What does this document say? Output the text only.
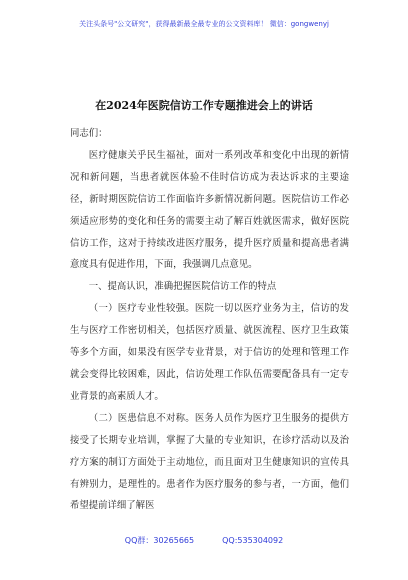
关注头条号"公文研究"，获得最新最全最专业的公文资料库！ 微信：gongwenyj
在2024年医院信访工作专题推进会上的讲话

同志们：

医疗健康关乎民生福祉，面对一系列改革和变化中出现的新情况和新问题，当患者就医体验不佳时信访成为表达诉求的主要途径，新时期医院信访工作面临许多新情况新问题。医院信访工作必须适应形势的变化和任务的需要主动了解百姓就医需求，做好医院信访工作，这对于持续改进医疗服务，提升医疗质量和提高患者满意度具有促进作用，下面，我强调几点意见。

一、提高认识，准确把握医院信访工作的特点

（一）医疗专业性较强。医院一切以医疗业务为主，信访的发生与医疗工作密切相关，包括医疗质量、就医流程、医疗卫生政策等多个方面，如果没有医学专业背景，对于信访的处理和管理工作就会变得比较困难，因此，信访处理工作队伍需要配备具有一定专业背景的高素质人才。

（二）医患信息不对称。医务人员作为医疗卫生服务的提供方接受了长期专业培训，掌握了大量的专业知识，在诊疗活动以及治疗方案的制订方面处于主动地位，而且面对卫生健康知识的宣传具有辨别力，是理性的。患者作为医疗服务的参与者，一方面，他们希望提前详细了解医

QQ群：30265665	QQ:535304092
